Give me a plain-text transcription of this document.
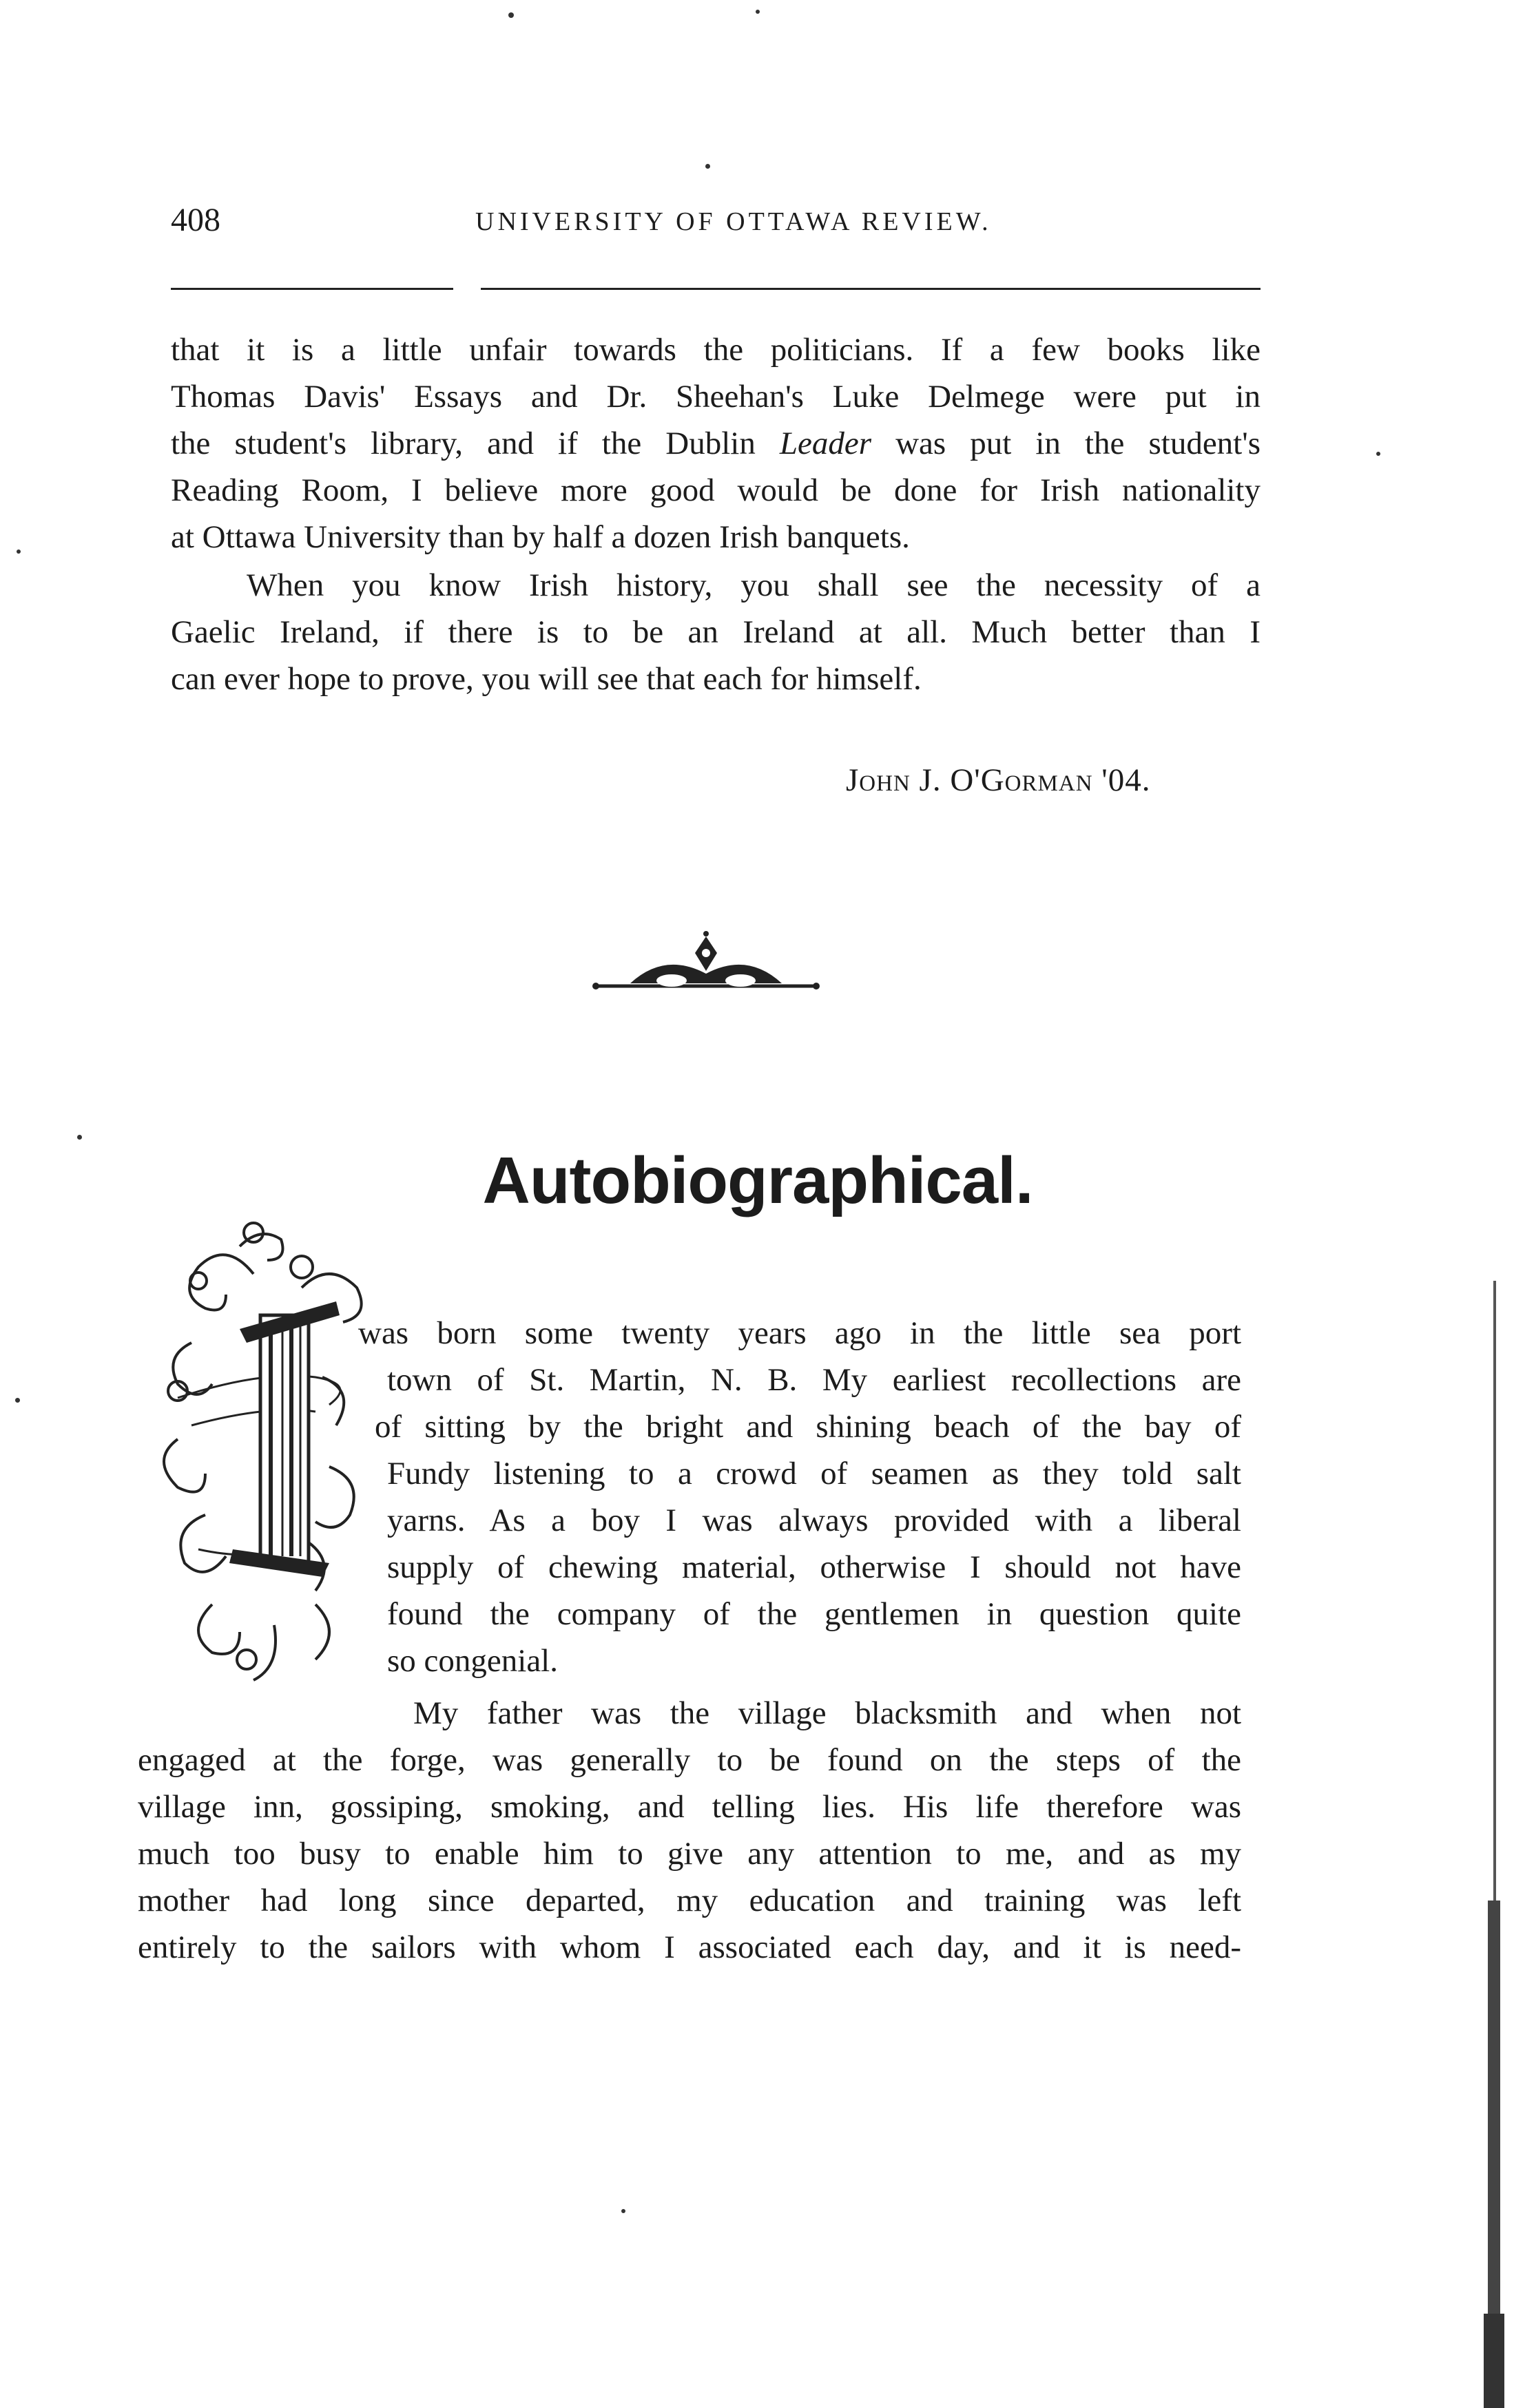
408	UNIVERSITY OF OTTAWA REVIEW.

that it is a little unfair towards the politicians. If a few books like
Thomas Davis' Essays and Dr. Sheehan's Luke Delmege were put in
the student's library, and if the Dublin Leader was put in the student's
Reading Room, I believe more good would be done for Irish nationality
at Ottawa University than by half a dozen Irish banquets.

When you know Irish history, you shall see the necessity of a
Gaelic Ireland, if there is to be an Ireland at all. Much better than I
can ever hope to prove, you will see that each for himself.

John J. O'Gorman '04.
Autobiographical.

was born some twenty years ago in the little sea port
town of St. Martin, N. B. My earliest recollections are
of sitting by the bright and shining beach of the bay of
Fundy listening to a crowd of seamen as they told salt
yarns. As a boy I was always provided with a liberal
supply of chewing material, otherwise I should not have
found the company of the gentlemen in question quite
so congenial.

My father was the village blacksmith and when not
engaged at the forge, was generally to be found on the steps of the
village inn, gossiping, smoking, and telling lies. His life therefore was
much too busy to enable him to give any attention to me, and as my
mother had long since departed, my education and training was left
entirely to the sailors with whom I associated each day, and it is need-
